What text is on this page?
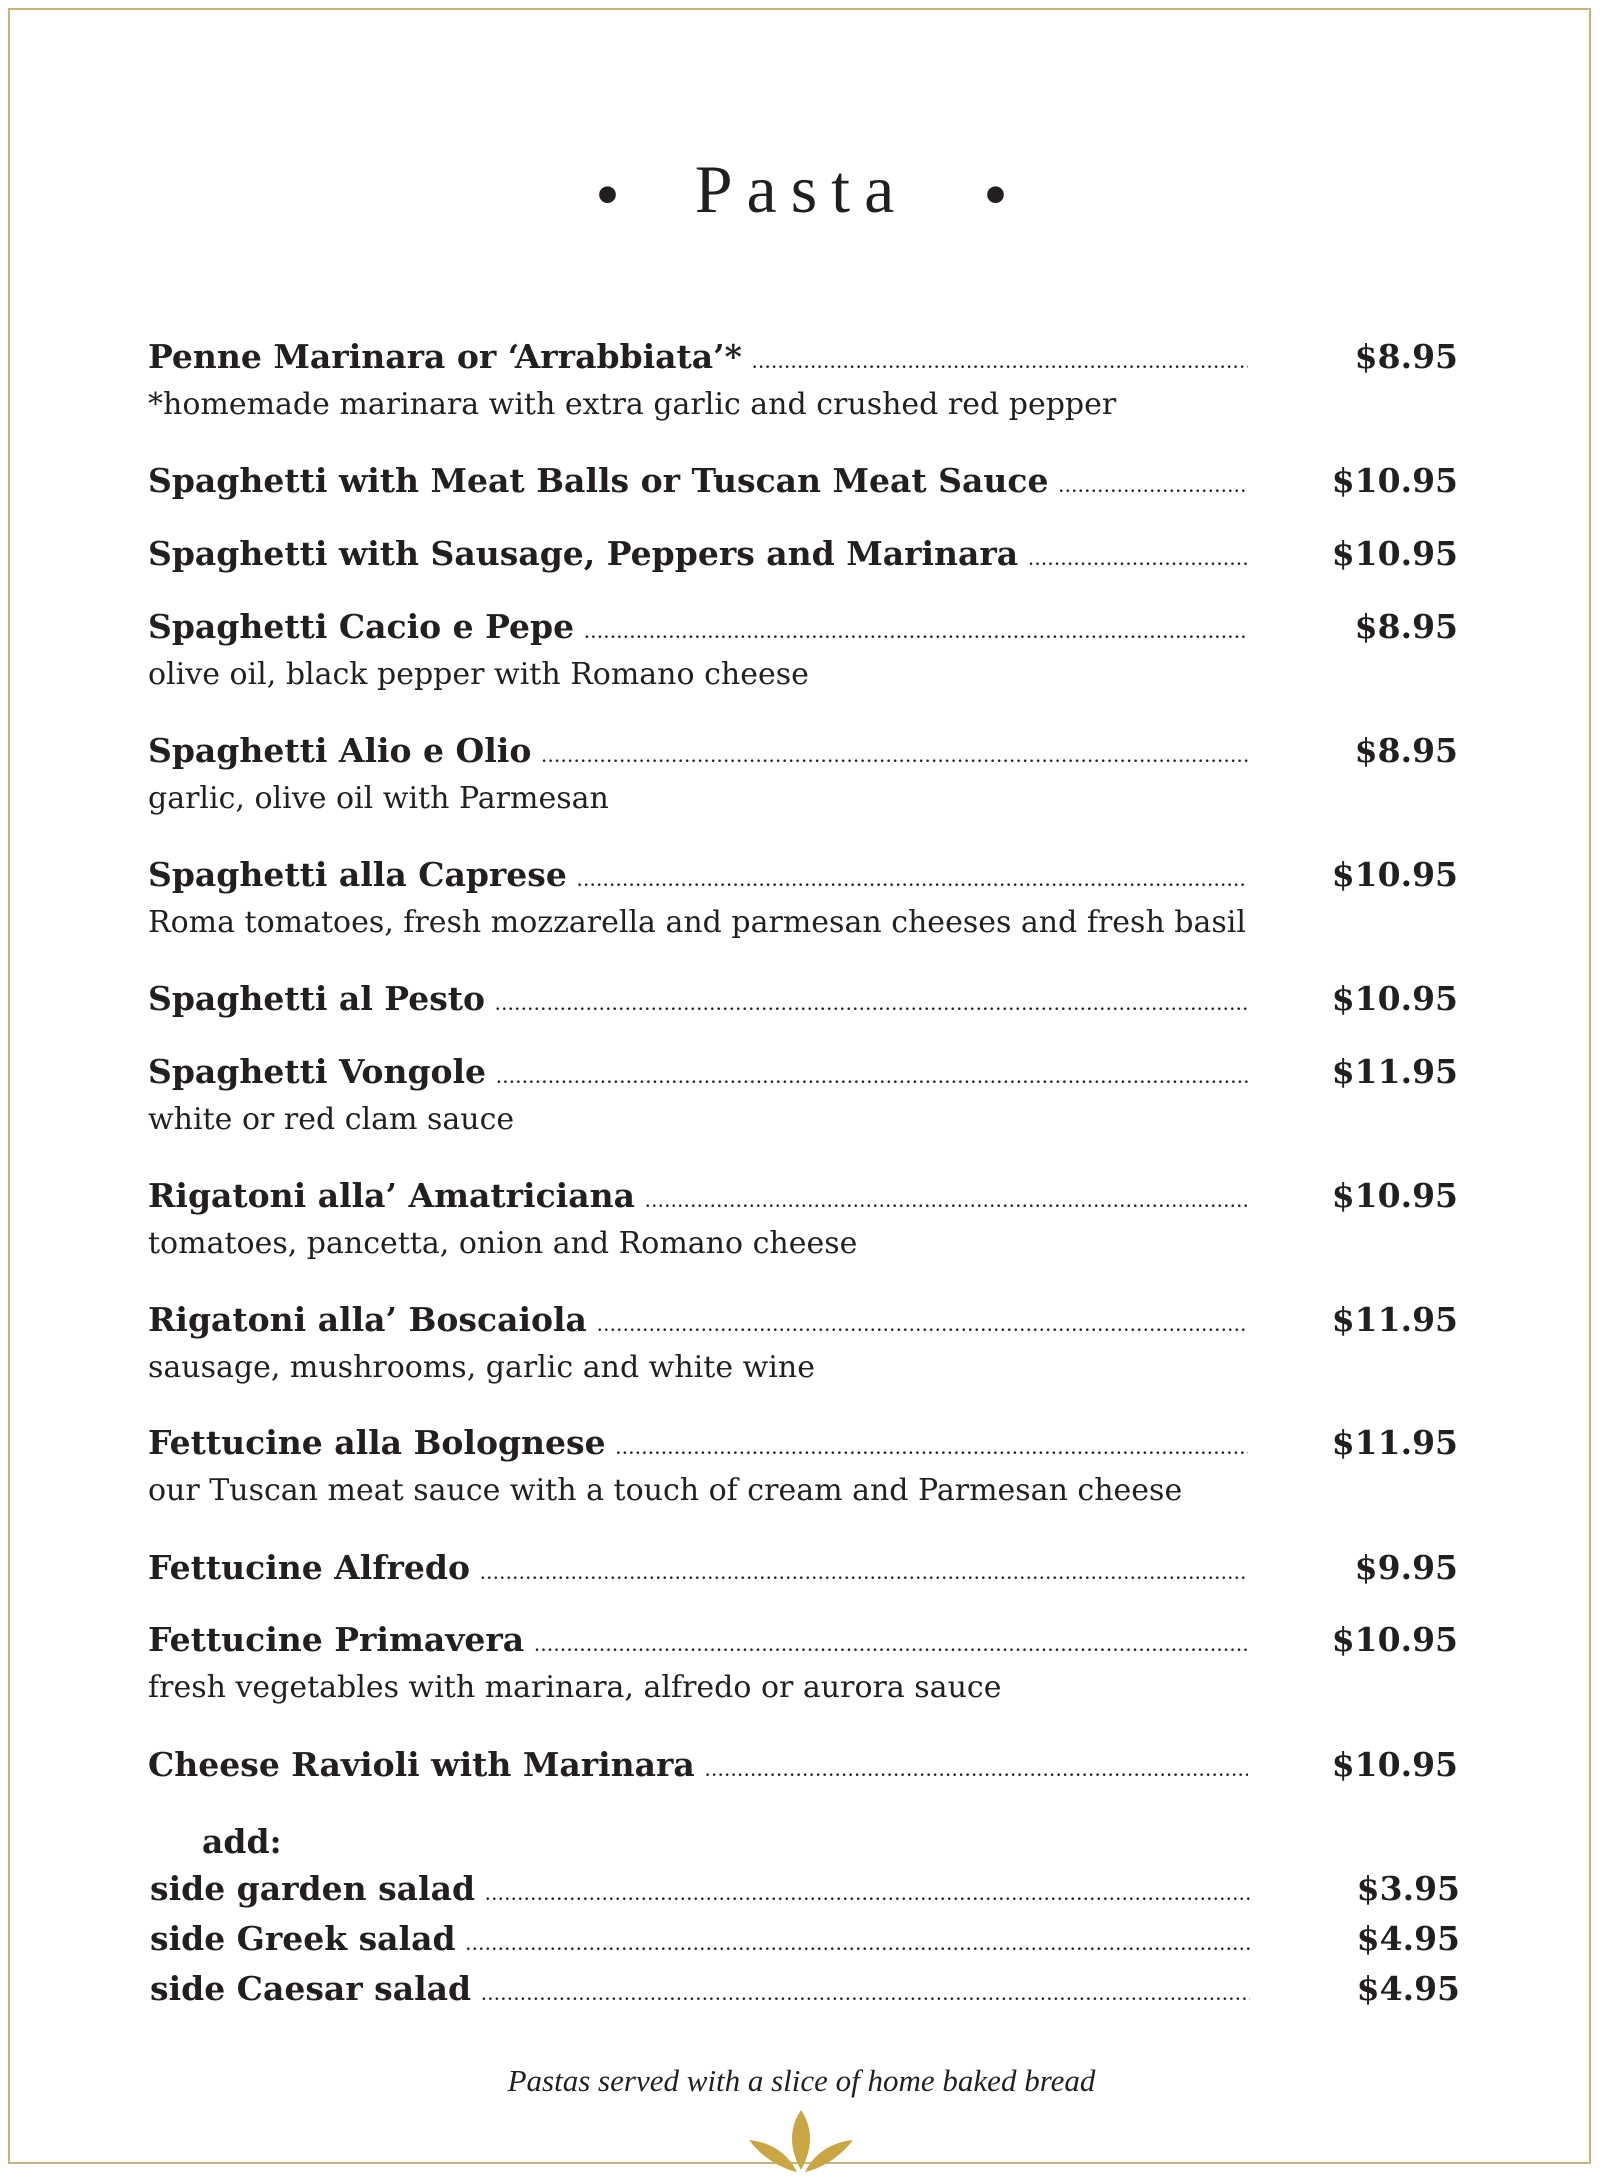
• Pasta •
Penne Marinara or ‘Arrabbiata’* .....	$8.95
*homemade marinara with extra garlic and crushed red pepper
Spaghetti with Meat Balls or Tuscan Meat Sauce .....	$10.95
Spaghetti with Sausage, Peppers and Marinara .....	$10.95
Spaghetti Cacio e Pepe .....	$8.95
olive oil, black pepper with Romano cheese
Spaghetti Alio e Olio .....	$8.95
garlic, olive oil with Parmesan
Spaghetti alla Caprese .....	$10.95
Roma tomatoes, fresh mozzarella and parmesan cheeses and fresh basil
Spaghetti al Pesto .....	$10.95
Spaghetti Vongole .....	$11.95
white or red clam sauce
Rigatoni alla’ Amatriciana .....	$10.95
tomatoes, pancetta, onion and Romano cheese
Rigatoni alla’ Boscaiola .....	$11.95
sausage, mushrooms, garlic and white wine
Fettucine alla Bolognese .....	$11.95
our Tuscan meat sauce with a touch of cream and Parmesan cheese
Fettucine Alfredo .....	$9.95
Fettucine Primavera .....	$10.95
fresh vegetables with marinara, alfredo or aurora sauce
Cheese Ravioli with Marinara .....	$10.95
add:
side garden salad .....	$3.95
side Greek salad .....	$4.95
side Caesar salad .....	$4.95
Pastas served with a slice of home baked bread
